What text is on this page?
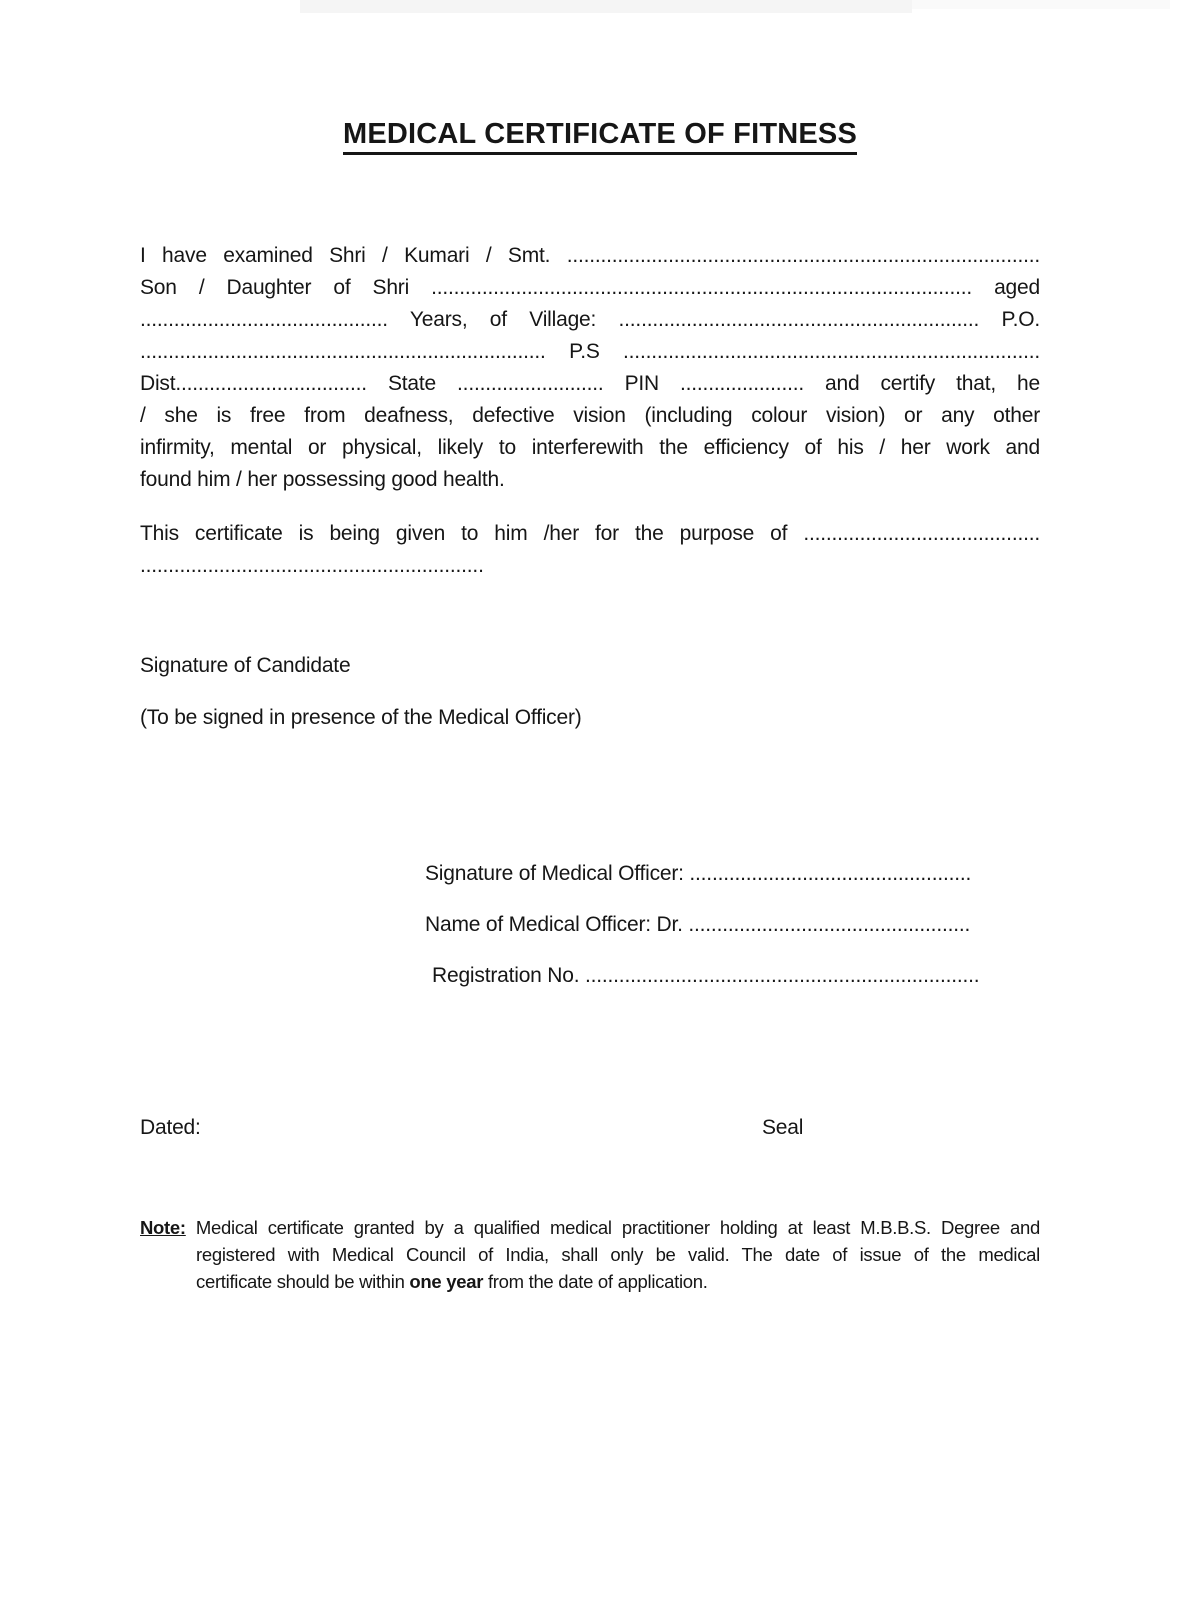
MEDICAL CERTIFICATE OF FITNESS
I have examined Shri / Kumari / Smt. ....................................................................................
Son / Daughter of Shri ................................................................................................ aged
............................................ Years, of Village: ................................................................ P.O.
........................................................................ P.S ..........................................................................
Dist.................................. State .......................... PIN ...................... and certify that, he
/ she is free from deafness, defective vision (including colour vision) or any other
infirmity, mental or physical, likely to interferewith the efficiency of his / her work and
found him / her possessing good health.
This certificate is being given to him /her for the purpose of ..........................................
.............................................................
Signature of Candidate
(To be signed in presence of the Medical Officer)
Signature of Medical Officer: ..................................................
Name of Medical Officer: Dr. ..................................................
Registration No. ......................................................................
Dated:	Seal
Note: Medical certificate granted by a qualified medical practitioner holding at least M.B.B.S. Degree and
registered with Medical Council of India, shall only be valid. The date of issue of the medical
certificate should be within one year from the date of application.
